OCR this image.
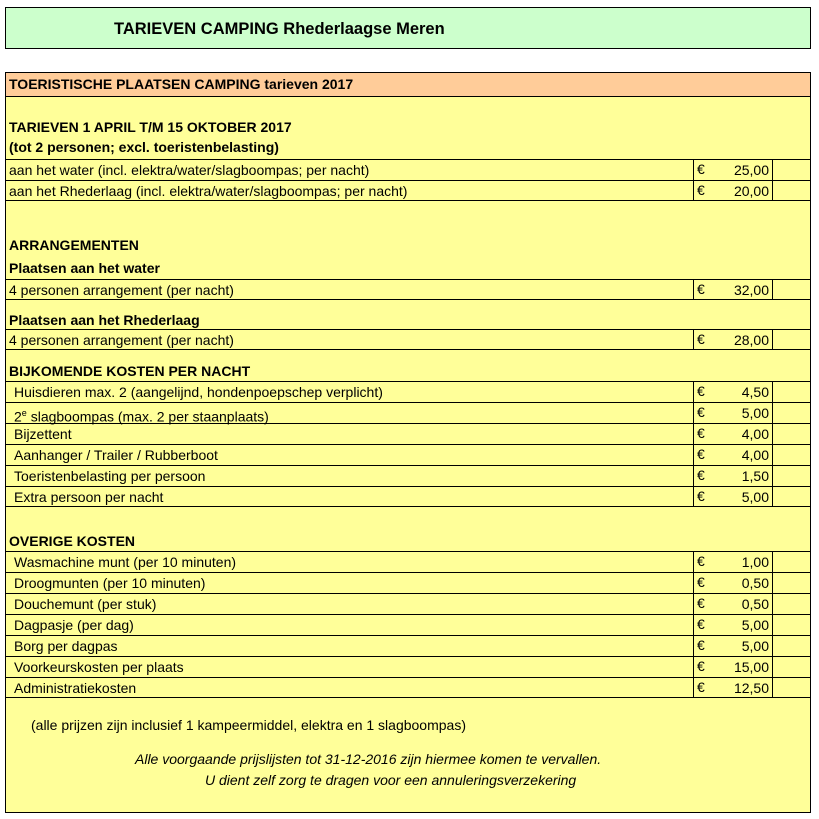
TARIEVEN CAMPING Rhederlaagse Meren
TOERISTISCHE PLAATSEN CAMPING tarieven 2017
TARIEVEN 1 APRIL T/M 15 OKTOBER 2017
(tot 2 personen; excl. toeristenbelasting)
aan het water (incl. elektra/water/slagboompas; per nacht)	€	25,00
aan het Rhederlaag (incl. elektra/water/slagboompas; per nacht)	€	20,00
ARRANGEMENTEN
Plaatsen aan het water
4 personen arrangement (per nacht)	€	32,00
Plaatsen aan het Rhederlaag
4 personen arrangement (per nacht)	€	28,00
BIJKOMENDE KOSTEN PER NACHT
Huisdieren max. 2 (aangelijnd, hondenpoepschep verplicht)	€	4,50
2e slagboompas (max. 2 per staanplaats)	€	5,00
Bijzettent	€	4,00
Aanhanger / Trailer / Rubberboot	€	4,00
Toeristenbelasting per persoon	€	1,50
Extra persoon per nacht	€	5,00
OVERIGE KOSTEN
Wasmachine munt (per 10 minuten)	€	1,00
Droogmunten (per 10 minuten)	€	0,50
Douchemunt (per stuk)	€	0,50
Dagpasje (per dag)	€	5,00
Borg per dagpas	€	5,00
Voorkeurskosten per plaats	€	15,00
Administratiekosten	€	12,50
(alle prijzen zijn inclusief 1 kampeermiddel, elektra en 1 slagboompas)
Alle voorgaande prijslijsten tot 31-12-2016 zijn hiermee komen te vervallen.
U dient zelf zorg te dragen voor een annuleringsverzekering
